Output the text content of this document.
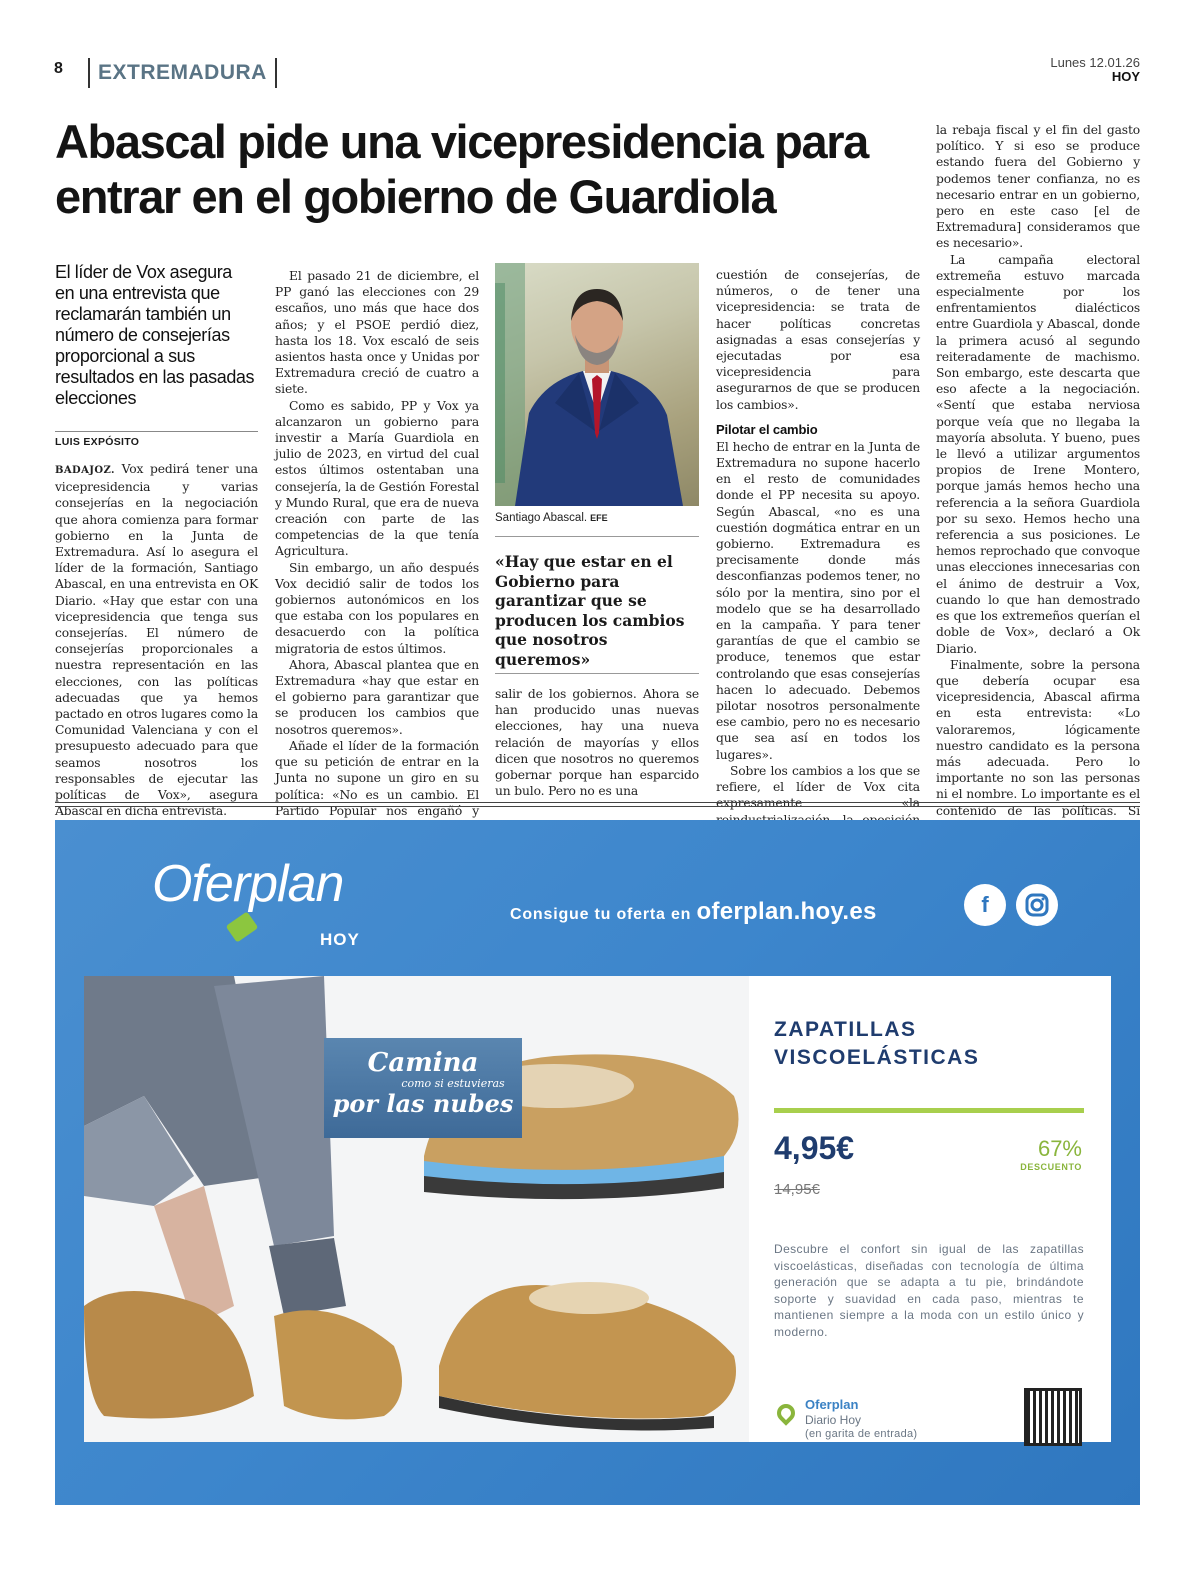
8 EXTREMADURA	Lunes 12.01.26
HOY
Abascal pide una vicepresidencia para entrar en el gobierno de Guardiola
El líder de Vox asegura en una entrevista que reclamarán también un número de consejerías proporcional a sus resultados en las pasadas elecciones
LUIS EXPÓSITO

BADAJOZ. Vox pedirá tener una vicepresidencia y varias consejerías en la negociación que ahora comienza para formar gobierno en la Junta de Extremadura. Así lo asegura el líder de la formación, Santiago Abascal, en una entrevista en OK Diario. «Hay que estar con una vicepresidencia que tenga sus consejerías. El número de consejerías proporcionales a nuestra representación en las elecciones, con las políticas adecuadas que ya hemos pactado en otros lugares como la Comunidad Valenciana y con el presupuesto adecuado para que seamos nosotros los responsables de ejecutar las políticas de Vox», asegura Abascal en dicha entrevista.

El pasado 21 de diciembre, el PP ganó las elecciones con 29 escaños, uno más que hace dos años; y el PSOE perdió diez, hasta los 18. Vox escaló de seis asientos hasta once y Unidas por Extremadura creció de cuatro a siete.

Como es sabido, PP y Vox ya alcanzaron un gobierno para investir a María Guardiola en julio de 2023, en virtud del cual estos últimos ostentaban una consejería, la de Gestión Forestal y Mundo Rural, que era de nueva creación con parte de las competencias de la que tenía Agricultura.

Sin embargo, un año después Vox decidió salir de todos los gobiernos autonómicos en los que estaba con los populares en desacuerdo con la política migratoria de estos últimos.

Ahora, Abascal plantea que en Extremadura «hay que estar en el gobierno para garantizar que se producen los cambios que nosotros queremos».

Añade el líder de la formación que su petición de entrar en la Junta no supone un giro en su política: «No es un cambio. El Partido Popular nos engañó y

Santiago Abascal. EFE
«Hay que estar en el Gobierno para garantizar que se producen los cambios que nosotros queremos»

salir de los gobiernos. Ahora se han producido unas nuevas elecciones, hay una nueva relación de mayorías y ellos dicen que nosotros no queremos gobernar porque han esparcido un bulo. Pero no es una

cuestión de consejerías, de números, o de tener una vicepresidencia: se trata de hacer políticas concretas asignadas a esas consejerías y ejecutadas por esa vicepresidencia para asegurarnos de que se producen los cambios».

Pilotar el cambio

El hecho de entrar en la Junta de Extremadura no supone hacerlo en el resto de comunidades donde el PP necesita su apoyo. Según Abascal, «no es una cuestión dogmática entrar en un gobierno. Extremadura es precisamente donde más desconfianzas podemos tener, no sólo por la mentira, sino por el modelo que se ha desarrollado en la campaña. Y para tener garantías de que el cambio se produce, tenemos que estar controlando que esas consejerías hacen lo adecuado. Debemos pilotar nosotros personalmente ese cambio, pero no es necesario que sea así en todos los lugares».

Sobre los cambios a los que se refiere, el líder de Vox cita expresamente «la

la rebaja fiscal y el fin del gasto político. Y si eso se produce estando fuera del Gobierno y podemos tener confianza, no es necesario entrar en un gobierno, pero en este caso [el de Extremadura] consideramos que es necesario».

La campaña electoral extremeña estuvo marcada especialmente por los enfrentamientos dialécticos entre Guardiola y Abascal, donde la primera acusó al segundo reiteradamente de machismo. Son embargo, este descarta que eso afecte a la negociación. «Sentí que estaba nerviosa porque veía que no llegaba la mayoría absoluta. Y bueno, pues le llevó a utilizar argumentos propios de Irene Montero, porque jamás hemos hecho una referencia a la señora Guardiola por su sexo. Hemos hecho una referencia a sus posiciones. Le hemos reprochado que convoque unas elecciones innecesarias con el ánimo de destruir a Vox, cuando lo que han demostrado es que los extremeños querían el doble de Vox», declaró a Ok Diario.

Finalmente, sobre la persona que debería ocupar esa vicepresidencia, Abascal afirma en esta entrevista: «Lo valoraremos, lógicamente nuestro candidato es la persona más adecuada. Pero lo importante no son las personas ni el nombre. Lo importante es el contenido de las políticas. Si

Oferplan
HOY
Consigue tu oferta en oferplan.hoy.es	f
Camina
como si estuvieras
por las nubes
ZAPATILLAS VISCOELÁSTICAS
4,95€
14,95€
67%
DESCUENTO
Descubre el confort sin igual de las zapatillas viscoelásticas, diseñadas con tecnología de última generación que se adapta a tu pie, brindándote soporte y suavidad en cada paso, mientras te mantienen siempre a la moda con un estilo único y moderno.
Oferplan
Diario Hoy
(en garita de entrada)
